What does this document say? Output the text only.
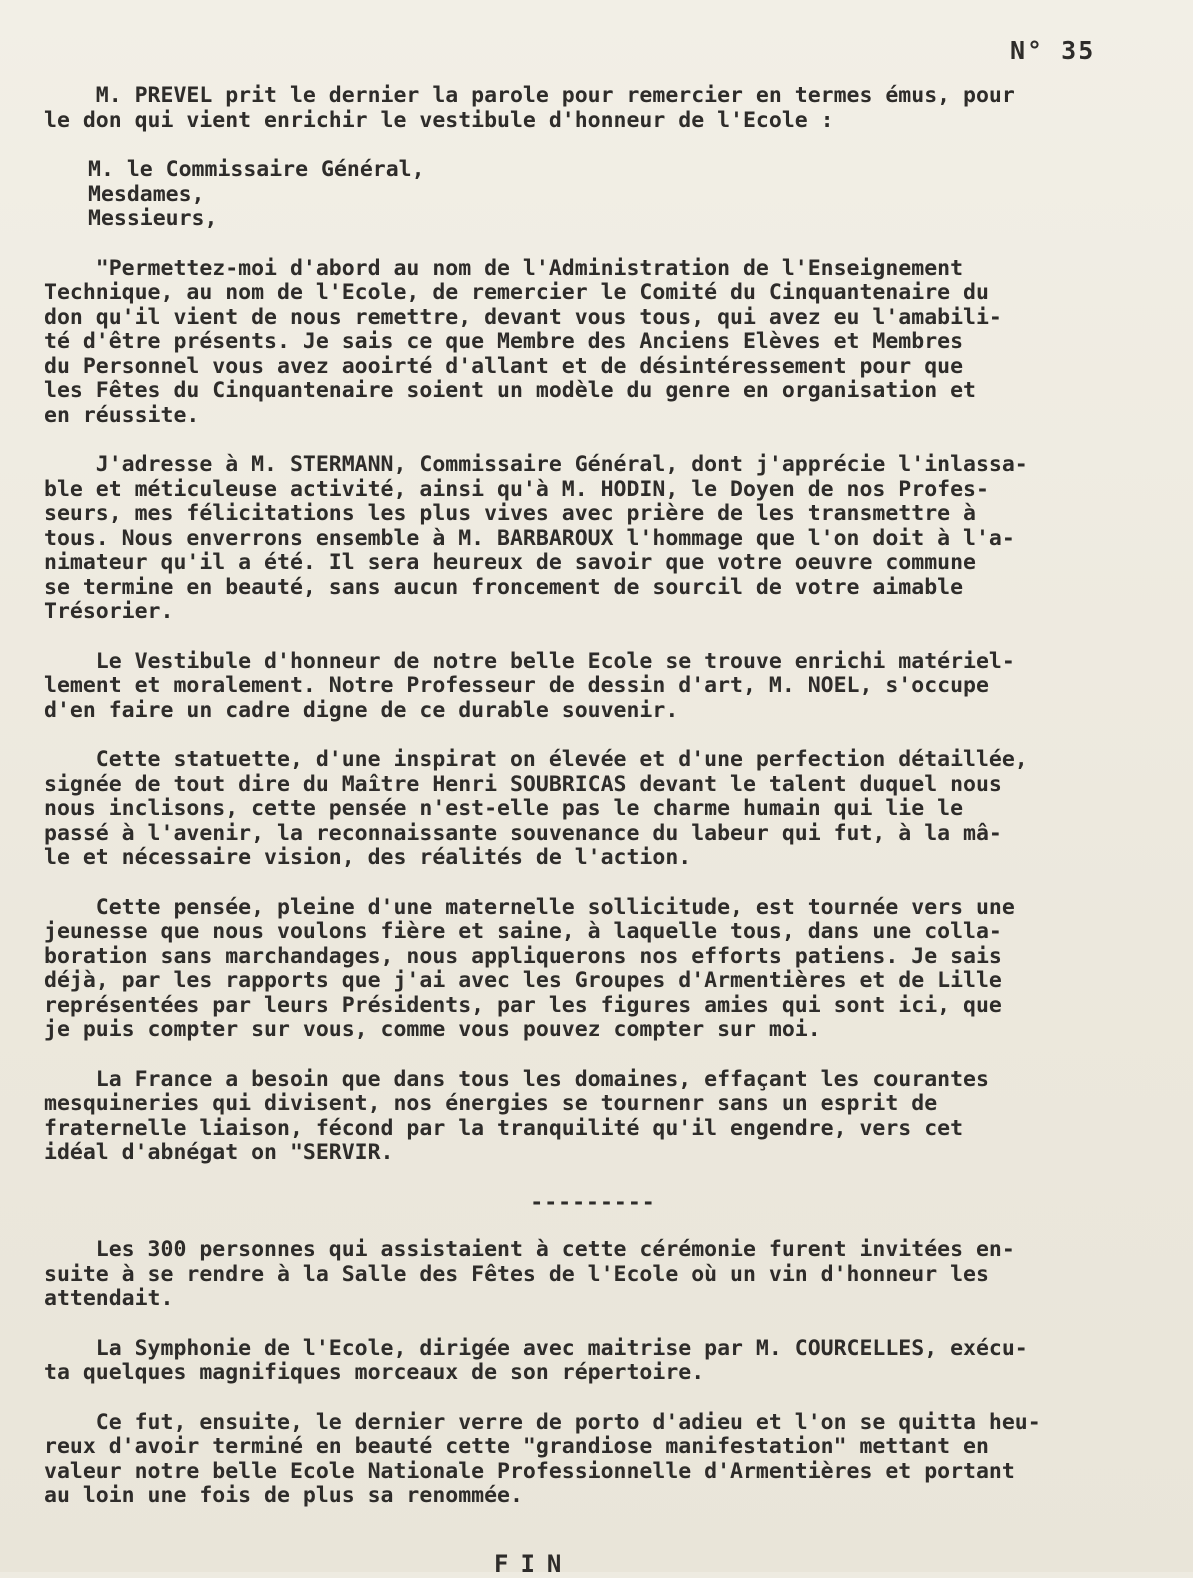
N° 35
M. PREVEL prit le dernier la parole pour remercier en termes émus, pour
le don qui vient enrichir le vestibule d'honneur de l'Ecole :
M. le Commissaire Général,
Mesdames,
Messieurs,
"Permettez-moi d'abord au nom de l'Administration de l'Enseignement
Technique, au nom de l'Ecole, de remercier le Comité du Cinquantenaire du
don qu'il vient de nous remettre, devant vous tous, qui avez eu l'amabili-
té d'être présents. Je sais ce que Membre des Anciens Elèves et Membres
du Personnel vous avez aooirté d'allant et de désintéressement pour que
les Fêtes du Cinquantenaire soient un modèle du genre en organisation et
en réussite.
J'adresse à M. STERMANN, Commissaire Général, dont j'apprécie l'inlassa-
ble et méticuleuse activité, ainsi qu'à M. HODIN, le Doyen de nos Profes-
seurs, mes félicitations les plus vives avec prière de les transmettre à
tous. Nous enverrons ensemble à M. BARBAROUX l'hommage que l'on doit à l'a-
nimateur qu'il a été. Il sera heureux de savoir que votre oeuvre commune
se termine en beauté, sans aucun froncement de sourcil de votre aimable
Trésorier.
Le Vestibule d'honneur de notre belle Ecole se trouve enrichi matériel-
lement et moralement. Notre Professeur de dessin d'art, M. NOEL, s'occupe
d'en faire un cadre digne de ce durable souvenir.
Cette statuette, d'une inspirat on élevée et d'une perfection détaillée,
signée de tout dire du Maître Henri SOUBRICAS devant le talent duquel nous
nous inclisons, cette pensée n'est-elle pas le charme humain qui lie le
passé à l'avenir, la reconnaissante souvenance du labeur qui fut, à la mâ-
le et nécessaire vision, des réalités de l'action.
Cette pensée, pleine d'une maternelle sollicitude, est tournée vers une
jeunesse que nous voulons fière et saine, à laquelle tous, dans une colla-
boration sans marchandages, nous appliquerons nos efforts patiens. Je sais
déjà, par les rapports que j'ai avec les Groupes d'Armentières et de Lille
représentées par leurs Présidents, par les figures amies qui sont ici, que
je puis compter sur vous, comme vous pouvez compter sur moi.
La France a besoin que dans tous les domaines, effaçant les courantes
mesquineries qui divisent, nos énergies se tournenr sans un esprit de
fraternelle liaison, fécond par la tranquilité qu'il engendre, vers cet
idéal d'abnégat on "SERVIR.
---------
Les 300 personnes qui assistaient à cette cérémonie furent invitées en-
suite à se rendre à la Salle des Fêtes de l'Ecole où un vin d'honneur les
attendait.
La Symphonie de l'Ecole, dirigée avec maitrise par M. COURCELLES, exécu-
ta quelques magnifiques morceaux de son répertoire.
Ce fut, ensuite, le dernier verre de porto d'adieu et l'on se quitta heu-
reux d'avoir terminé en beauté cette "grandiose manifestation" mettant en
valeur notre belle Ecole Nationale Professionnelle d'Armentières et portant
au loin une fois de plus sa renommée.
FIN
